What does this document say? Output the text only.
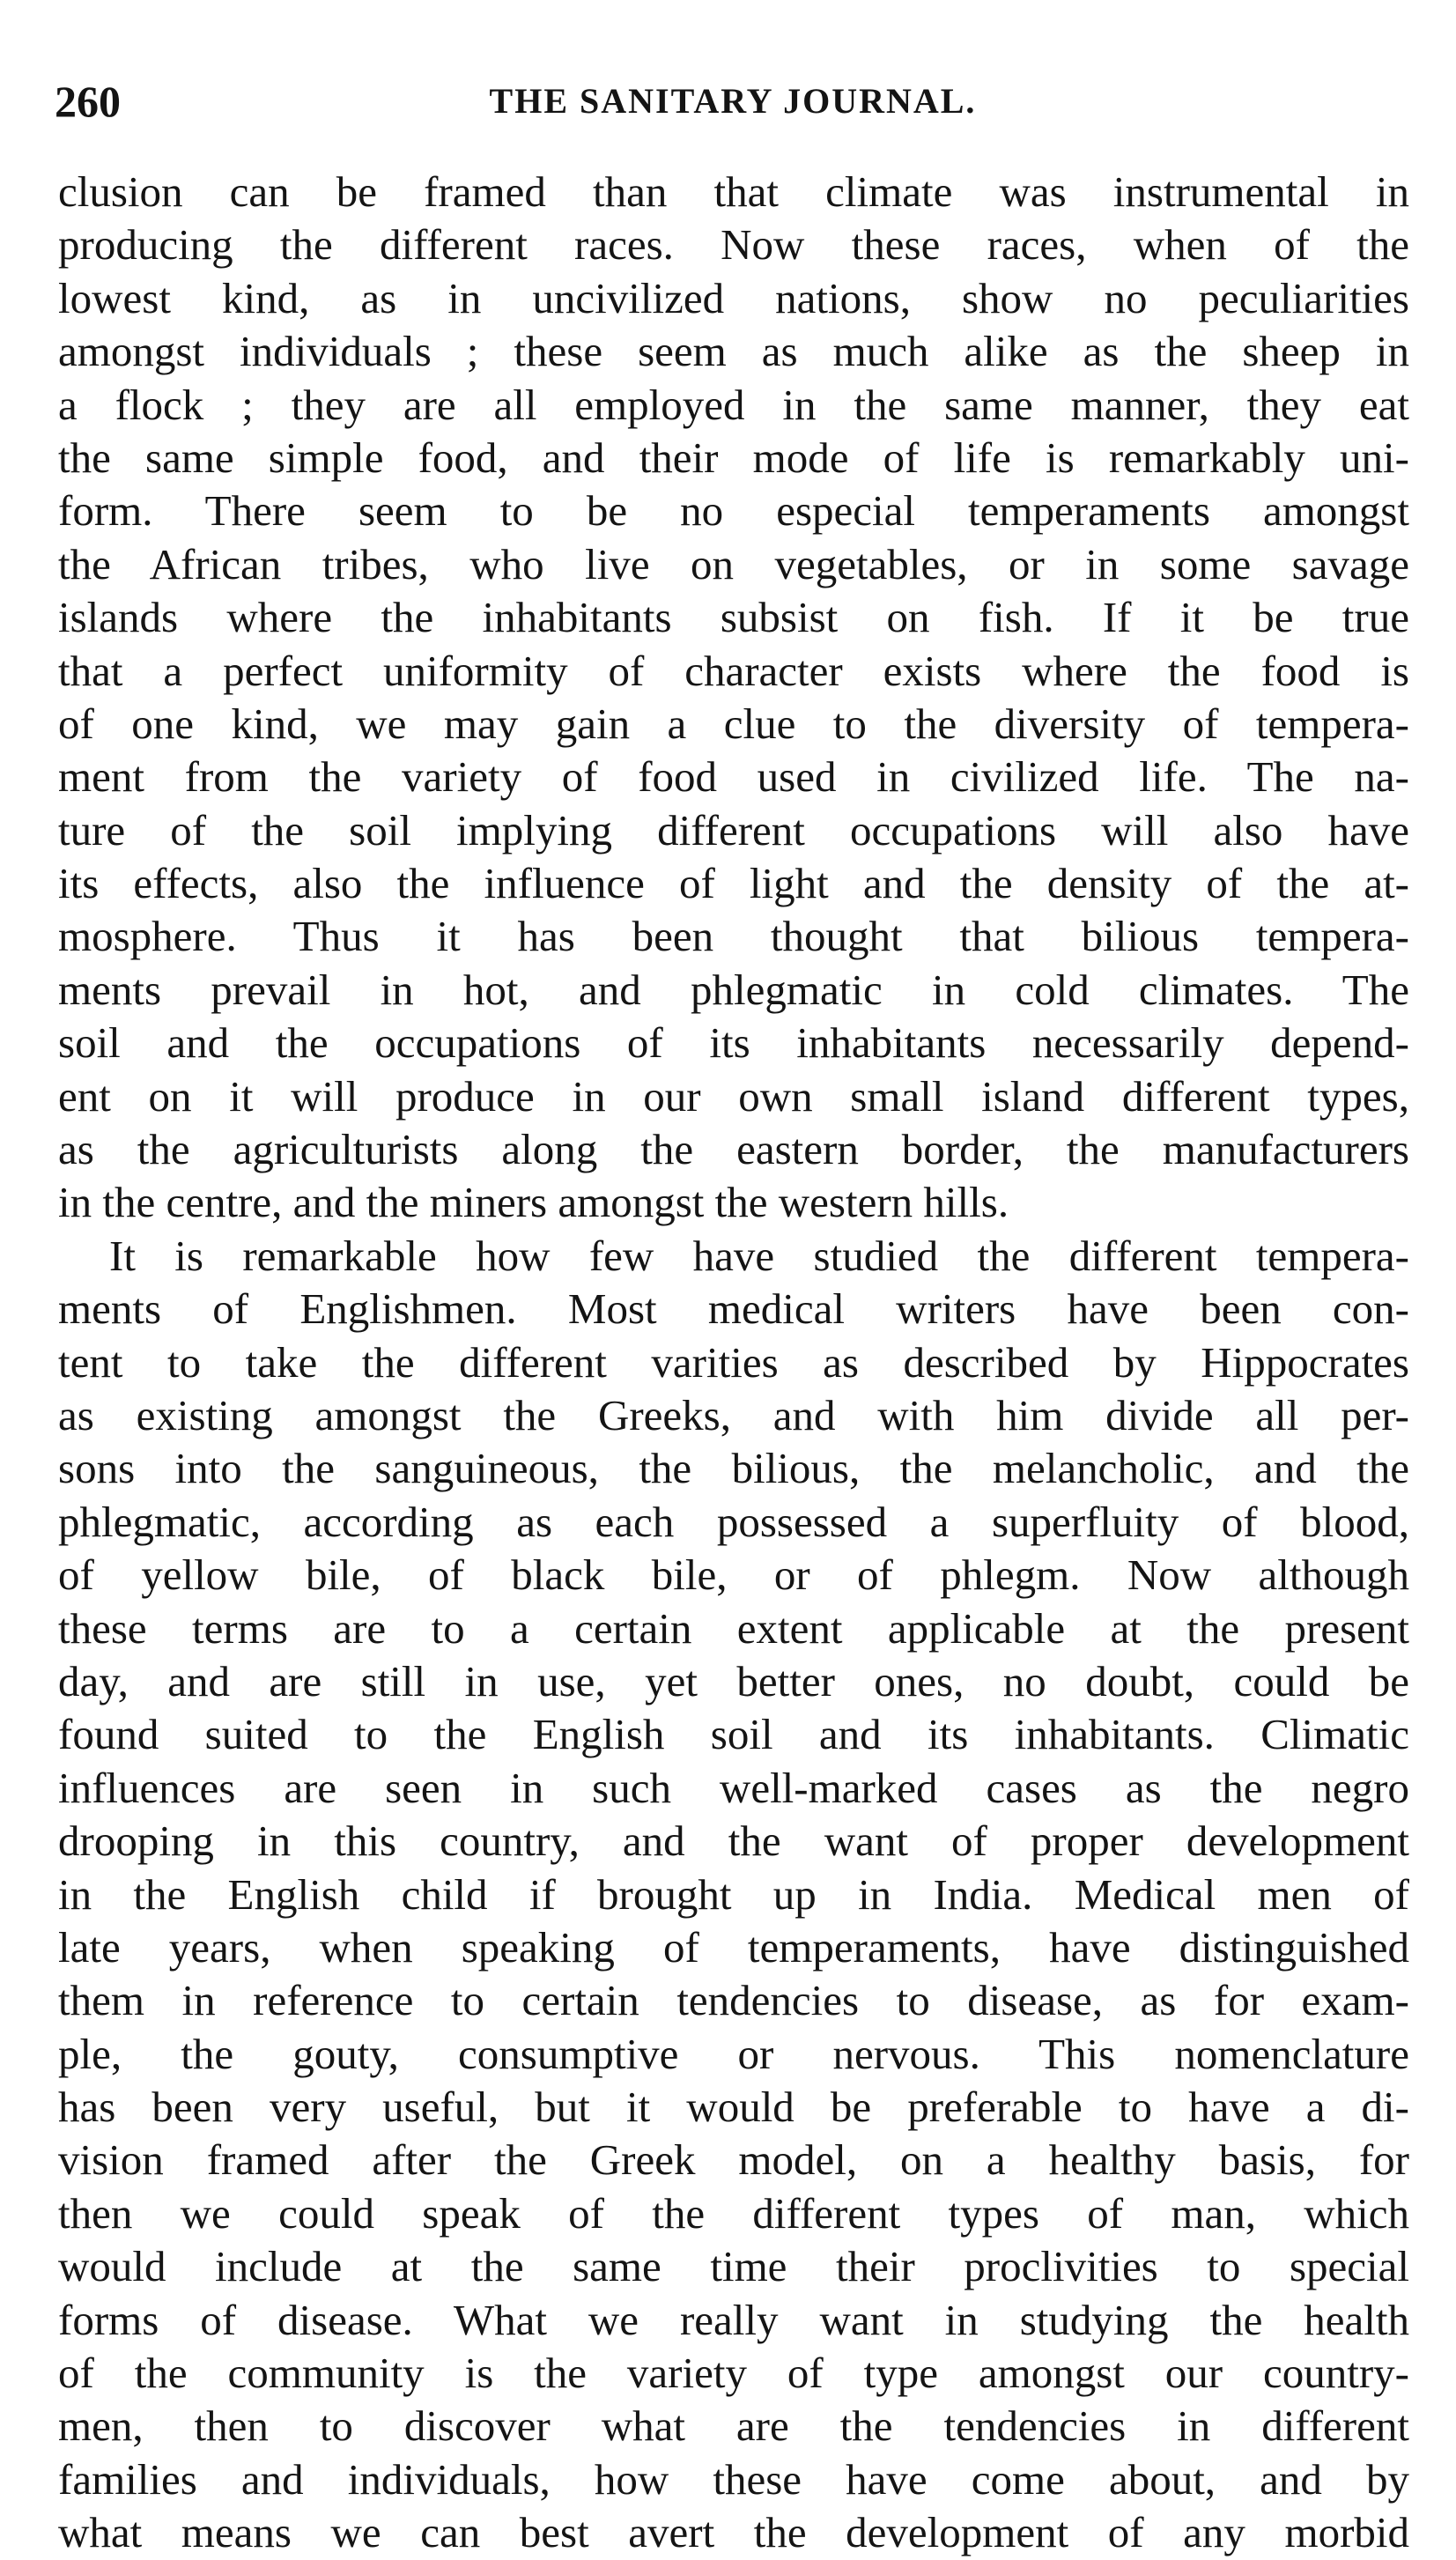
260	THE SANITARY JOURNAL.
clusion can be framed than that climate was instrumental in
producing the different races. Now these races, when of the
lowest kind, as in uncivilized nations, show no peculiarities
amongst individuals ; these seem as much alike as the sheep in
a flock ; they are all employed in the same manner, they eat
the same simple food, and their mode of life is remarkably uni-
form. There seem to be no especial temperaments amongst
the African tribes, who live on vegetables, or in some savage
islands where the inhabitants subsist on fish. If it be true
that a perfect uniformity of character exists where the food is
of one kind, we may gain a clue to the diversity of tempera-
ment from the variety of food used in civilized life. The na-
ture of the soil implying different occupations will also have
its effects, also the influence of light and the density of the at-
mosphere. Thus it has been thought that bilious tempera-
ments prevail in hot, and phlegmatic in cold climates. The
soil and the occupations of its inhabitants necessarily depend-
ent on it will produce in our own small island different types,
as the agriculturists along the eastern border, the manufacturers
in the centre, and the miners amongst the western hills.
It is remarkable how few have studied the different tempera-
ments of Englishmen. Most medical writers have been con-
tent to take the different varities as described by Hippocrates
as existing amongst the Greeks, and with him divide all per-
sons into the sanguineous, the bilious, the melancholic, and the
phlegmatic, according as each possessed a superfluity of blood,
of yellow bile, of black bile, or of phlegm. Now although
these terms are to a certain extent applicable at the present
day, and are still in use, yet better ones, no doubt, could be
found suited to the English soil and its inhabitants. Climatic
influences are seen in such well-marked cases as the negro
drooping in this country, and the want of proper development
in the English child if brought up in India. Medical men of
late years, when speaking of temperaments, have distinguished
them in reference to certain tendencies to disease, as for exam-
ple, the gouty, consumptive or nervous. This nomenclature
has been very useful, but it would be preferable to have a di-
vision framed after the Greek model, on a healthy basis, for
then we could speak of the different types of man, which
would include at the same time their proclivities to special
forms of disease. What we really want in studying the health
of the community is the variety of type amongst our country-
men, then to discover what are the tendencies in different
families and individuals, how these have come about, and by
what means we can best avert the development of any morbid
